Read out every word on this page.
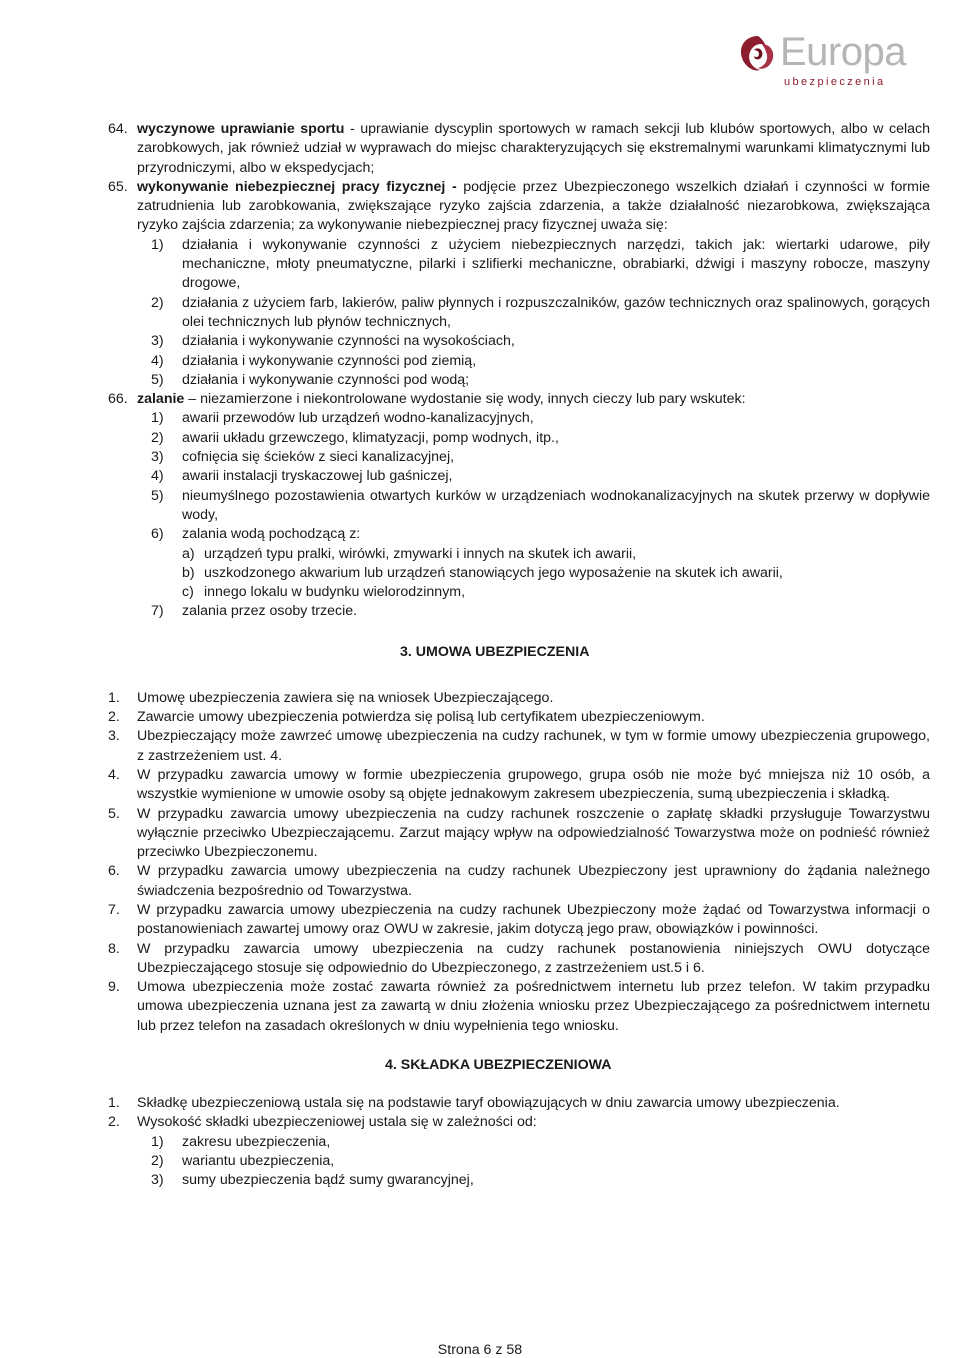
Europa
ubezpieczenia

64. wyczynowe uprawianie sportu - uprawianie dyscyplin sportowych w ramach sekcji lub klubów sportowych, albo w celach zarobkowych, jak również udział w wyprawach do miejsc charakteryzujących się ekstremalnymi warunkami klimatycznymi lub przyrodniczymi, albo w ekspedycjach;

65. wykonywanie niebezpiecznej pracy fizycznej - podjęcie przez Ubezpieczonego wszelkich działań i czynności w formie zatrudnienia lub zarobkowania, zwiększające ryzyko zajścia zdarzenia, a także działalność niezarobkowa, zwiększająca ryzyko zajścia zdarzenia; za wykonywanie niebezpiecznej pracy fizycznej uważa się:

1) działania i wykonywanie czynności z użyciem niebezpiecznych narzędzi, takich jak: wiertarki udarowe, piły mechaniczne, młoty pneumatyczne, pilarki i szlifierki mechaniczne, obrabiarki, dźwigi i maszyny robocze, maszyny drogowe,

2) działania z użyciem farb, lakierów, paliw płynnych i rozpuszczalników, gazów technicznych oraz spalinowych, gorących olei technicznych lub płynów technicznych,

3) działania i wykonywanie czynności na wysokościach,

4) działania i wykonywanie czynności pod ziemią,

5) działania i wykonywanie czynności pod wodą;

66. zalanie – niezamierzone i niekontrolowane wydostanie się wody, innych cieczy lub pary wskutek:

1) awarii przewodów lub urządzeń wodno-kanalizacyjnych,

2) awarii układu grzewczego, klimatyzacji, pomp wodnych, itp.,

3) cofnięcia się ścieków z sieci kanalizacyjnej,

4) awarii instalacji tryskaczowej lub gaśniczej,

5) nieumyślnego pozostawienia otwartych kurków w urządzeniach wodnokanalizacyjnych na skutek przerwy w dopływie wody,

6) zalania wodą pochodzącą z:

a) urządzeń typu pralki, wirówki, zmywarki i innych na skutek ich awarii,

b) uszkodzonego akwarium lub urządzeń stanowiących jego wyposażenie na skutek ich awarii,

c) innego lokalu w budynku wielorodzinnym,

7) zalania przez osoby trzecie.

3. UMOWA UBEZPIECZENIA

1. Umowę ubezpieczenia zawiera się na wniosek Ubezpieczającego.

2. Zawarcie umowy ubezpieczenia potwierdza się polisą lub certyfikatem ubezpieczeniowym.

3. Ubezpieczający może zawrzeć umowę ubezpieczenia na cudzy rachunek, w tym w formie umowy ubezpieczenia grupowego, z zastrzeżeniem ust. 4.

4. W przypadku zawarcia umowy w formie ubezpieczenia grupowego, grupa osób nie może być mniejsza niż 10 osób, a wszystkie wymienione w umowie osoby są objęte jednakowym zakresem ubezpieczenia, sumą ubezpieczenia i składką.

5. W przypadku zawarcia umowy ubezpieczenia na cudzy rachunek roszczenie o zapłatę składki przysługuje Towarzystwu wyłącznie przeciwko Ubezpieczającemu. Zarzut mający wpływ na odpowiedzialność Towarzystwa może on podnieść również przeciwko Ubezpieczonemu.

6. W przypadku zawarcia umowy ubezpieczenia na cudzy rachunek Ubezpieczony jest uprawniony do żądania należnego świadczenia bezpośrednio od Towarzystwa.

7. W przypadku zawarcia umowy ubezpieczenia na cudzy rachunek Ubezpieczony może żądać od Towarzystwa informacji o postanowieniach zawartej umowy oraz OWU w zakresie, jakim dotyczą jego praw, obowiązków i powinności.

8. W przypadku zawarcia umowy ubezpieczenia na cudzy rachunek postanowienia niniejszych OWU dotyczące Ubezpieczającego stosuje się odpowiednio do Ubezpieczonego, z zastrzeżeniem ust.5 i 6.

9. Umowa ubezpieczenia może zostać zawarta również za pośrednictwem internetu lub przez telefon. W takim przypadku umowa ubezpieczenia uznana jest za zawartą w dniu złożenia wniosku przez Ubezpieczającego za pośrednictwem internetu lub przez telefon na zasadach określonych w dniu wypełnienia tego wniosku.

4. SKŁADKA UBEZPIECZENIOWA

1. Składkę ubezpieczeniową ustala się na podstawie taryf obowiązujących w dniu zawarcia umowy ubezpieczenia.

2. Wysokość składki ubezpieczeniowej ustala się w zależności od:

1) zakresu ubezpieczenia,

2) wariantu ubezpieczenia,

3) sumy ubezpieczenia bądź sumy gwarancyjnej,

Strona 6 z 58
